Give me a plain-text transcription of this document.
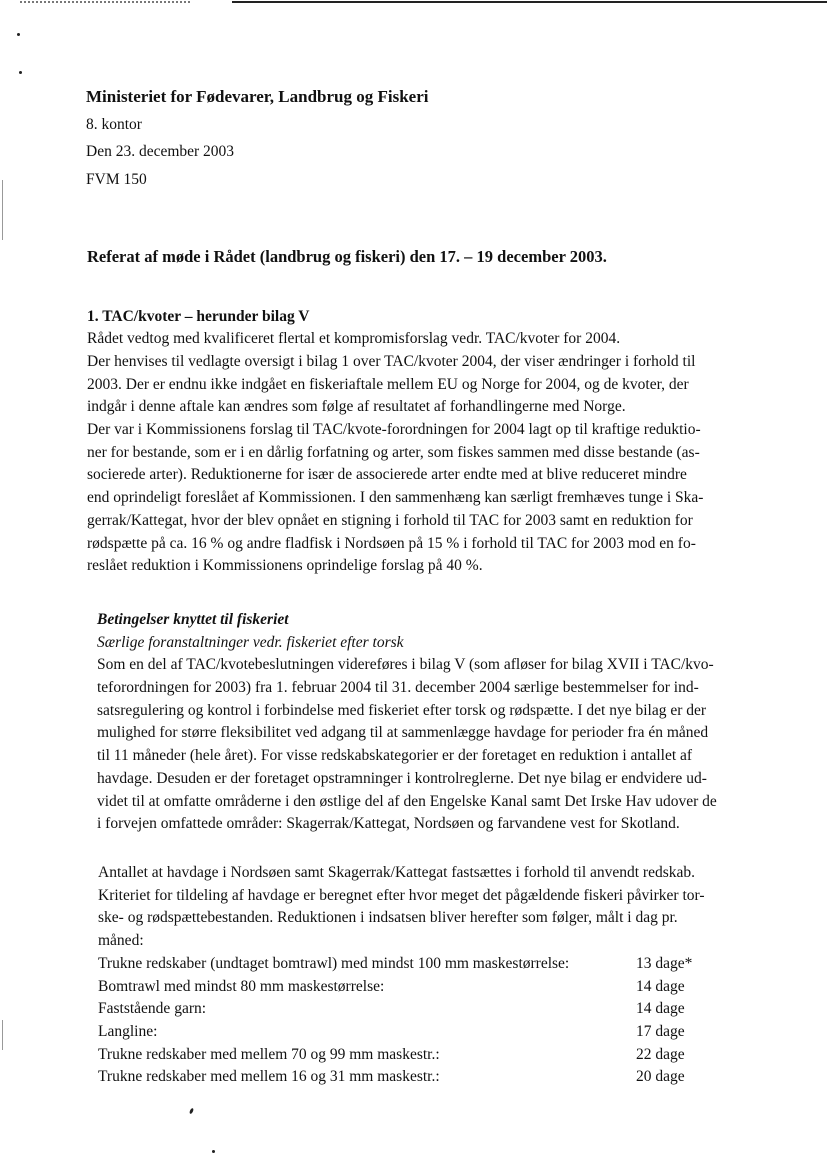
Ministeriet for Fødevarer, Landbrug og Fiskeri
8. kontor
Den 23. december 2003
FVM 150
Referat af møde i Rådet (landbrug og fiskeri) den 17. – 19 december 2003.
1. TAC/kvoter – herunder bilag V
Rådet vedtog med kvalificeret flertal et kompromisforslag vedr. TAC/kvoter for 2004.
Der henvises til vedlagte oversigt i bilag 1 over TAC/kvoter 2004, der viser ændringer i forhold til
2003. Der er endnu ikke indgået en fiskeriaftale mellem EU og Norge for 2004, og de kvoter, der
indgår i denne aftale kan ændres som følge af resultatet af forhandlingerne med Norge.
Der var i Kommissionens forslag til TAC/kvote-forordningen for 2004 lagt op til kraftige reduktio-
ner for bestande, som er i en dårlig forfatning og arter, som fiskes sammen med disse bestande (as-
socierede arter). Reduktionerne for især de associerede arter endte med at blive reduceret mindre
end oprindeligt foreslået af Kommissionen. I den sammenhæng kan særligt fremhæves tunge i Ska-
gerrak/Kattegat, hvor der blev opnået en stigning i forhold til TAC for 2003 samt en reduktion for
rødspætte på ca. 16 % og andre fladfisk i Nordsøen på 15 % i forhold til TAC for 2003 mod en fo-
reslået reduktion i Kommissionens oprindelige forslag på 40 %.
Betingelser knyttet til fiskeriet
Særlige foranstaltninger vedr. fiskeriet efter torsk
Som en del af TAC/kvotebeslutningen videreføres i bilag V (som afløser for bilag XVII i TAC/kvo-
teforordningen for 2003) fra 1. februar 2004 til 31. december 2004 særlige bestemmelser for ind-
satsregulering og kontrol i forbindelse med fiskeriet efter torsk og rødspætte. I det nye bilag er der
mulighed for større fleksibilitet ved adgang til at sammenlægge havdage for perioder fra én måned
til 11 måneder (hele året). For visse redskabskategorier er der foretaget en reduktion i antallet af
havdage. Desuden er der foretaget opstramninger i kontrolreglerne. Det nye bilag er endvidere ud-
videt til at omfatte områderne i den østlige del af den Engelske Kanal samt Det Irske Hav udover de
i forvejen omfattede områder: Skagerrak/Kattegat, Nordsøen og farvandene vest for Skotland.
Antallet at havdage i Nordsøen samt Skagerrak/Kattegat fastsættes i forhold til anvendt redskab.
Kriteriet for tildeling af havdage er beregnet efter hvor meget det pågældende fiskeri påvirker tor-
ske- og rødspættebestanden. Reduktionen i indsatsen bliver herefter som følger, målt i dag pr.
måned:
Trukne redskaber (undtaget bomtrawl) med mindst 100 mm maskestørrelse:	13 dage*
Bomtrawl med mindst 80 mm maskestørrelse:	14 dage
Faststående garn:	14 dage
Langline:	17 dage
Trukne redskaber med mellem 70 og 99 mm maskestr.:	22 dage
Trukne redskaber med mellem 16 og 31 mm maskestr.:	20 dage
